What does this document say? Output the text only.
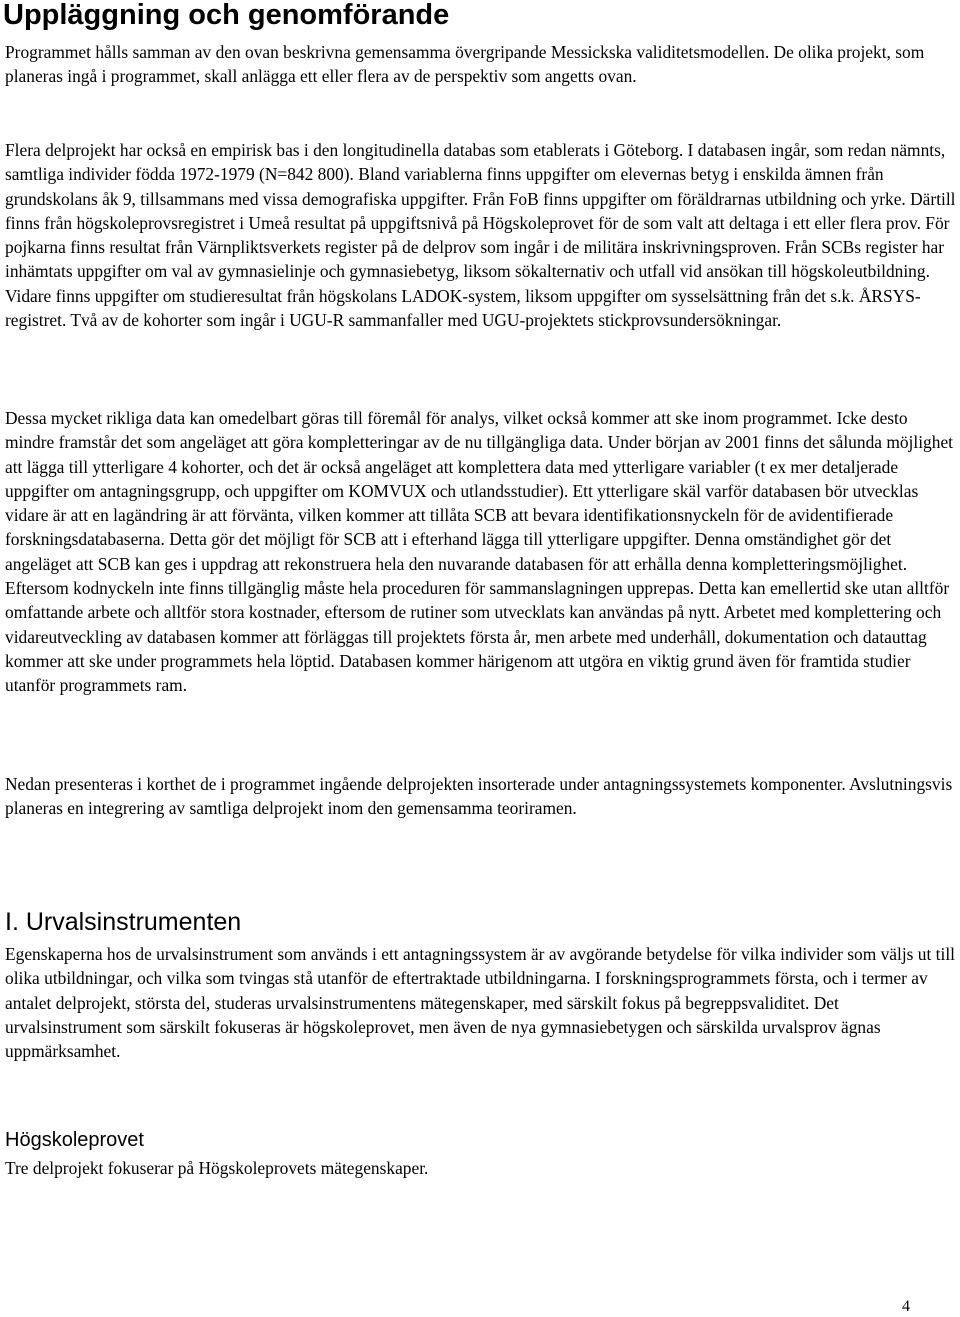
Uppläggning och genomförande

Programmet hålls samman av den ovan beskrivna gemensamma övergripande Messickska validitetsmodellen. De olika projekt, som planeras ingå i programmet, skall anlägga ett eller flera av de perspektiv som angetts ovan.

Flera delprojekt har också en empirisk bas i den longitudinella databas som etablerats i Göteborg. I databasen ingår, som redan nämnts, samtliga individer födda 1972-1979 (N=842 800). Bland variablerna finns uppgifter om elevernas betyg i enskilda ämnen från grundskolans åk 9, tillsammans med vissa demografiska uppgifter. Från FoB finns uppgifter om föräldrarnas utbildning och yrke. Därtill finns från högskoleprovsregistret i Umeå resultat på uppgiftsnivå på Högskoleprovet för de som valt att deltaga i ett eller flera prov. För pojkarna finns resultat från Värnpliktsverkets register på de delprov som ingår i de militära inskrivningsproven. Från SCBs register har inhämtats uppgifter om val av gymnasielinje och gymnasiebetyg, liksom sökalternativ och utfall vid ansökan till högskoleutbildning. Vidare finns uppgifter om studieresultat från högskolans LADOK-system, liksom uppgifter om sysselsättning från det s.k. ÅRSYS-registret. Två av de kohorter som ingår i UGU-R sammanfaller med UGU-projektets stickprovsundersökningar.

Dessa mycket rikliga data kan omedelbart göras till föremål för analys, vilket också kommer att ske inom programmet. Icke desto mindre framstår det som angeläget att göra kompletteringar av de nu tillgängliga data. Under början av 2001 finns det sålunda möjlighet att lägga till ytterligare 4 kohorter, och det är också angeläget att komplettera data med ytterligare variabler (t ex mer detaljerade uppgifter om antagningsgrupp, och uppgifter om KOMVUX och utlandsstudier). Ett ytterligare skäl varför databasen bör utvecklas vidare är att en lagändring är att förvänta, vilken kommer att tillåta SCB att bevara identifikationsnyckeln för de avidentifierade forskningsdatabaserna. Detta gör det möjligt för SCB att i efterhand lägga till ytterligare uppgifter. Denna omständighet gör det angeläget att SCB kan ges i uppdrag att rekonstruera hela den nuvarande databasen för att erhålla denna kompletteringsmöjlighet. Eftersom kodnyckeln inte finns tillgänglig måste hela proceduren för sammanslagningen upprepas. Detta kan emellertid ske utan alltför omfattande arbete och alltför stora kostnader, eftersom de rutiner som utvecklats kan användas på nytt. Arbetet med komplettering och vidareutveckling av databasen kommer att förläggas till projektets första år, men arbete med underhåll, dokumentation och datauttag kommer att ske under programmets hela löptid. Databasen kommer härigenom att utgöra en viktig grund även för framtida studier utanför programmets ram.

Nedan presenteras i korthet de i programmet ingående delprojekten insorterade under antagningssystemets komponenter. Avslutningsvis planeras en integrering av samtliga delprojekt inom den gemensamma teoriramen.

I. Urvalsinstrumenten

Egenskaperna hos de urvalsinstrument som används i ett antagningssystem är av avgörande betydelse för vilka individer som väljs ut till olika utbildningar, och vilka som tvingas stå utanför de eftertraktade utbildningarna. I forskningsprogrammets första, och i termer av antalet delprojekt, största del, studeras urvalsinstrumentens mätegenskaper, med särskilt fokus på begreppsvaliditet. Det urvalsinstrument som särskilt fokuseras är högskoleprovet, men även de nya gymnasiebetygen och särskilda urvalsprov ägnas uppmärksamhet.

Högskoleprovet

Tre delprojekt fokuserar på Högskoleprovets mätegenskaper.

4
